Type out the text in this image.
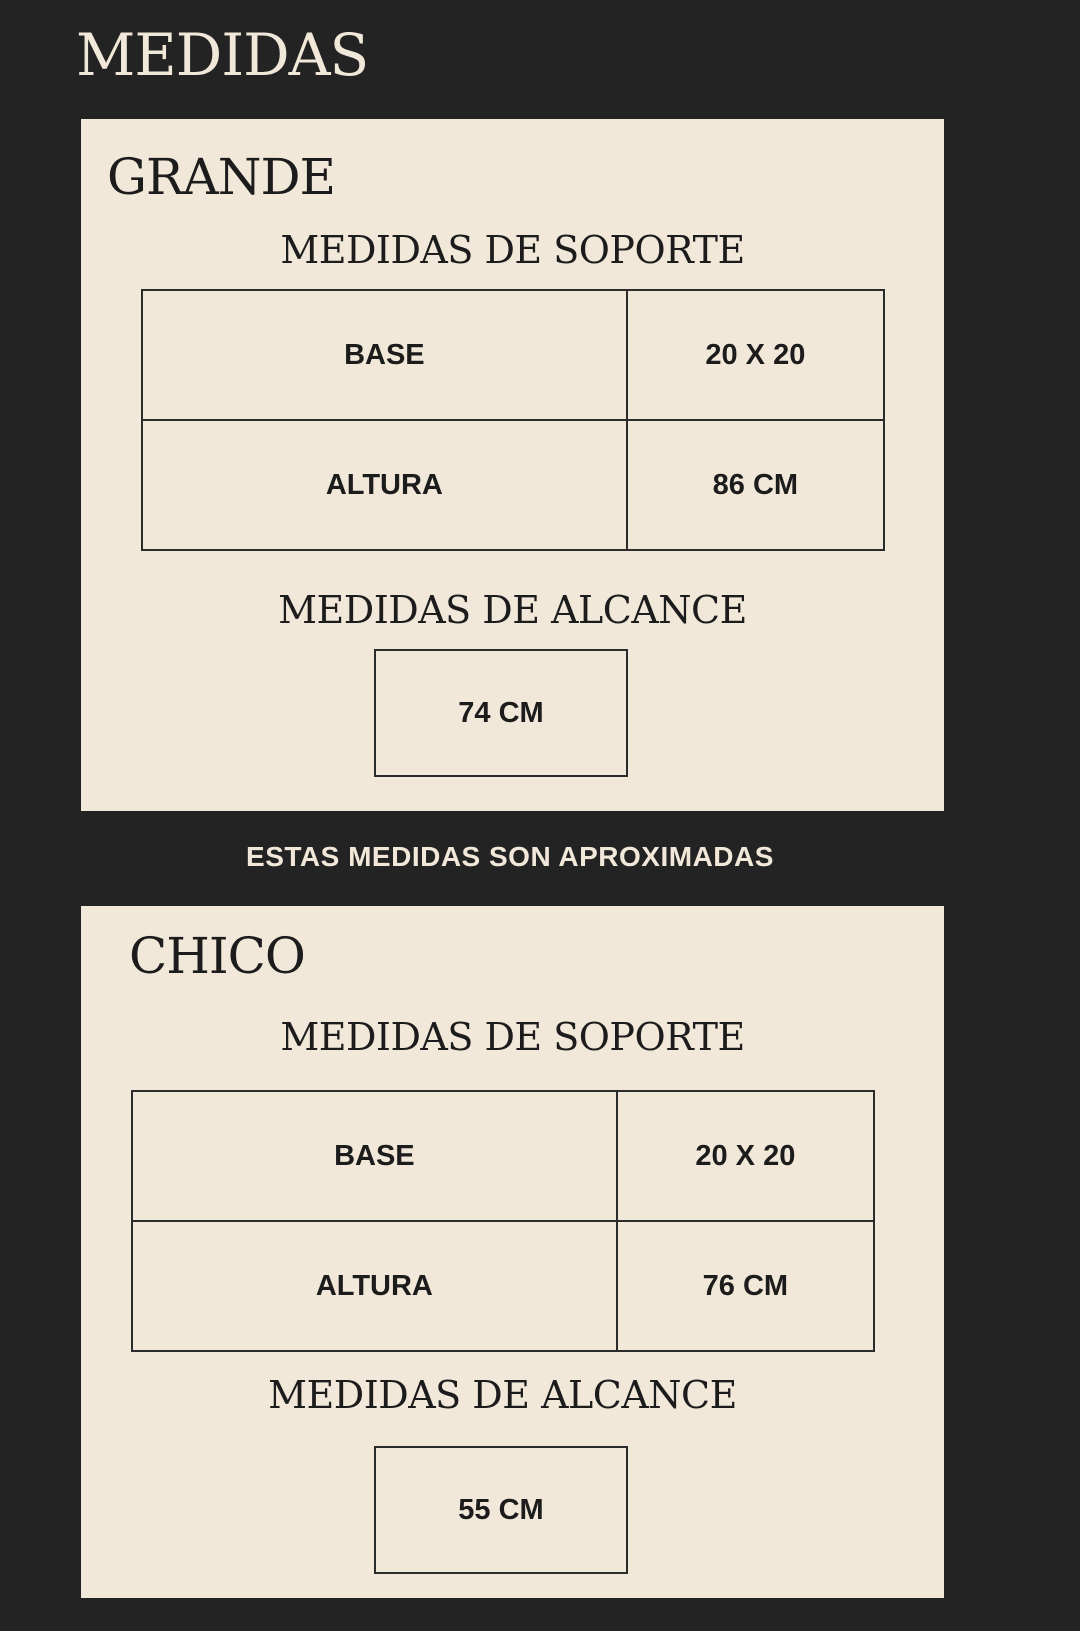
MEDIDAS
GRANDE
MEDIDAS DE SOPORTE
BASE	20 X 20
ALTURA	86 CM
MEDIDAS DE ALCANCE
74 CM

ESTAS MEDIDAS SON APROXIMADAS

CHICO
MEDIDAS DE SOPORTE
BASE	20 X 20
ALTURA	76 CM
MEDIDAS DE ALCANCE
55 CM
